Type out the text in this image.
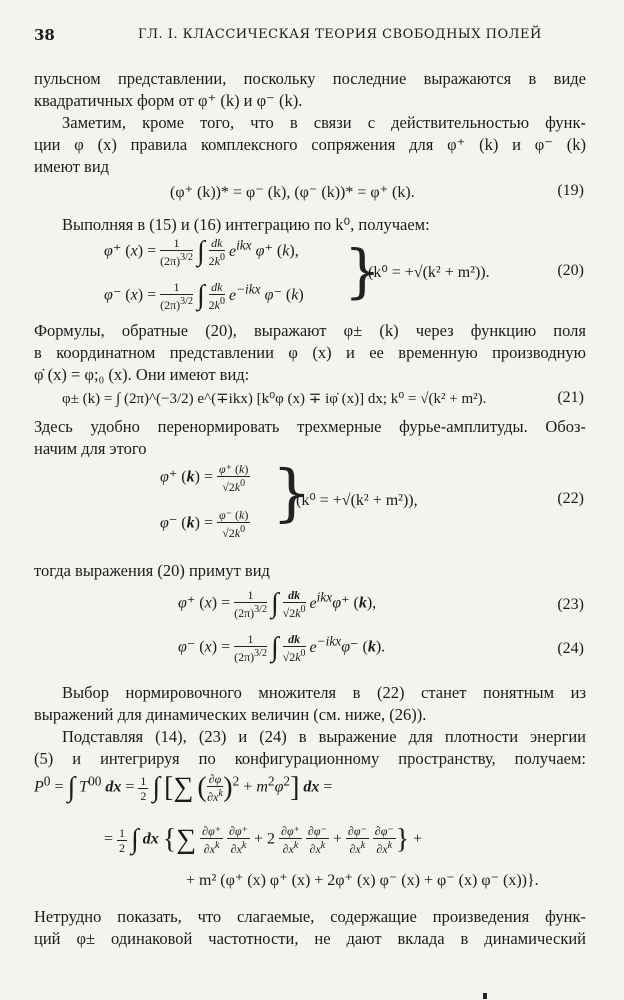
38	ГЛ. I. КЛАССИЧЕСКАЯ ТЕОРИЯ СВОБОДНЫХ ПОЛЕЙ
пульсном представлении, поскольку последние выражаются в виде
квадратичных форм от φ⁺ (k) и φ⁻ (k).
Заметим, кроме того, что в связи с действительностью функ-
ции φ (x) правила комплексного сопряжения для φ⁺ (k) и φ⁻ (k)
имеют вид
(φ⁺ (k))* = φ⁻ (k), (φ⁻ (k))* = φ⁺ (k).	(19)
Выполняя в (15) и (16) интеграцию по k⁰, получаем:
φ⁺ $(x) = \frac{1}{(2\pi)^{3/2}}$ ∫ $\frac{dk}{2k^0} e^{ikx}$ φ⁺ (k),
φ⁻ $(x) = \frac{1}{(2\pi)^{3/2}}$ ∫ $\frac{dk}{2k^0} e^{-ikx}$ φ⁻ (k) }
(k⁰ = +√(k² + m²)).	(20)
Формулы, обратные (20), выражают φ± (k) через функцию поля
в координатном представлении φ (x) и ее временную производную
φ̇ (x) = φ;₀ (x). Они имеют вид:
φ± (k) = ∫ (2π)^(−3/2) e^(∓ikx) [k⁰φ (x) ∓ iφ̇ (x)] dx; k⁰ = √(k² + m²).	(21)
Здесь удобно перенормировать трехмерные фурье-амплитуды. Обоз-
начим для этого
φ⁺ $(k) = \frac{\varphi^+ (k)}{√2k^0}$
φ⁻ $(k) = \frac{\varphi^- (k)}{√2k^0}$ }
(k⁰ = +√(k² + m²)),	(22)
тогда выражения (20) примут вид
φ⁺ $(x) = \frac{1}{(2\pi)^{3/2}}$ ∫ $\frac{dk}{√2k^0} e^{ikx}\varphi^+$ (k),	(23)
φ⁻ $(x) = \frac{1}{(2\pi)^{3/2}}$ ∫ $\frac{dk}{√2k^0} e^{-ikx}\varphi^-$ (k).	(24)
Выбор нормировочного множителя в (22) станет понятным из
выражений для динамических величин (см. ниже, (26)).
Подставляя (14), (23) и (24) в выражение для плотности энергии
(5) и интегрируя по конфигурационному пространству, получаем:
$P^0$ = ∫ $T^{00}$ dx = $\frac{1}{2}$ ∫ [∑ ( $\frac{\partial\varphi}{\partial x^k} )^2 + m^2\varphi^2$] dx =
= $\frac{1}{2}$ ∫ dx {∑ $\frac{\partial\varphi^+}{\partial x^k}$
$\frac{\partial\varphi^+}{\partial x^k} + 2 \frac{\partial\varphi^+}{\partial x^k}$
$\frac{\partial\varphi^-}{\partial x^k} + \frac{\partial\varphi^-}{\partial x^k}$
$\frac{\partial\varphi^-}{\partial x^k}$ } +
+ m² (φ⁺ (x) φ⁺ (x) + 2φ⁺ (x) φ⁻ (x) + φ⁻ (x) φ⁻ (x))}.
Нетрудно показать, что слагаемые, содержащие произведения функ-
ций φ± одинаковой частотности, не дают вклада в динамический
